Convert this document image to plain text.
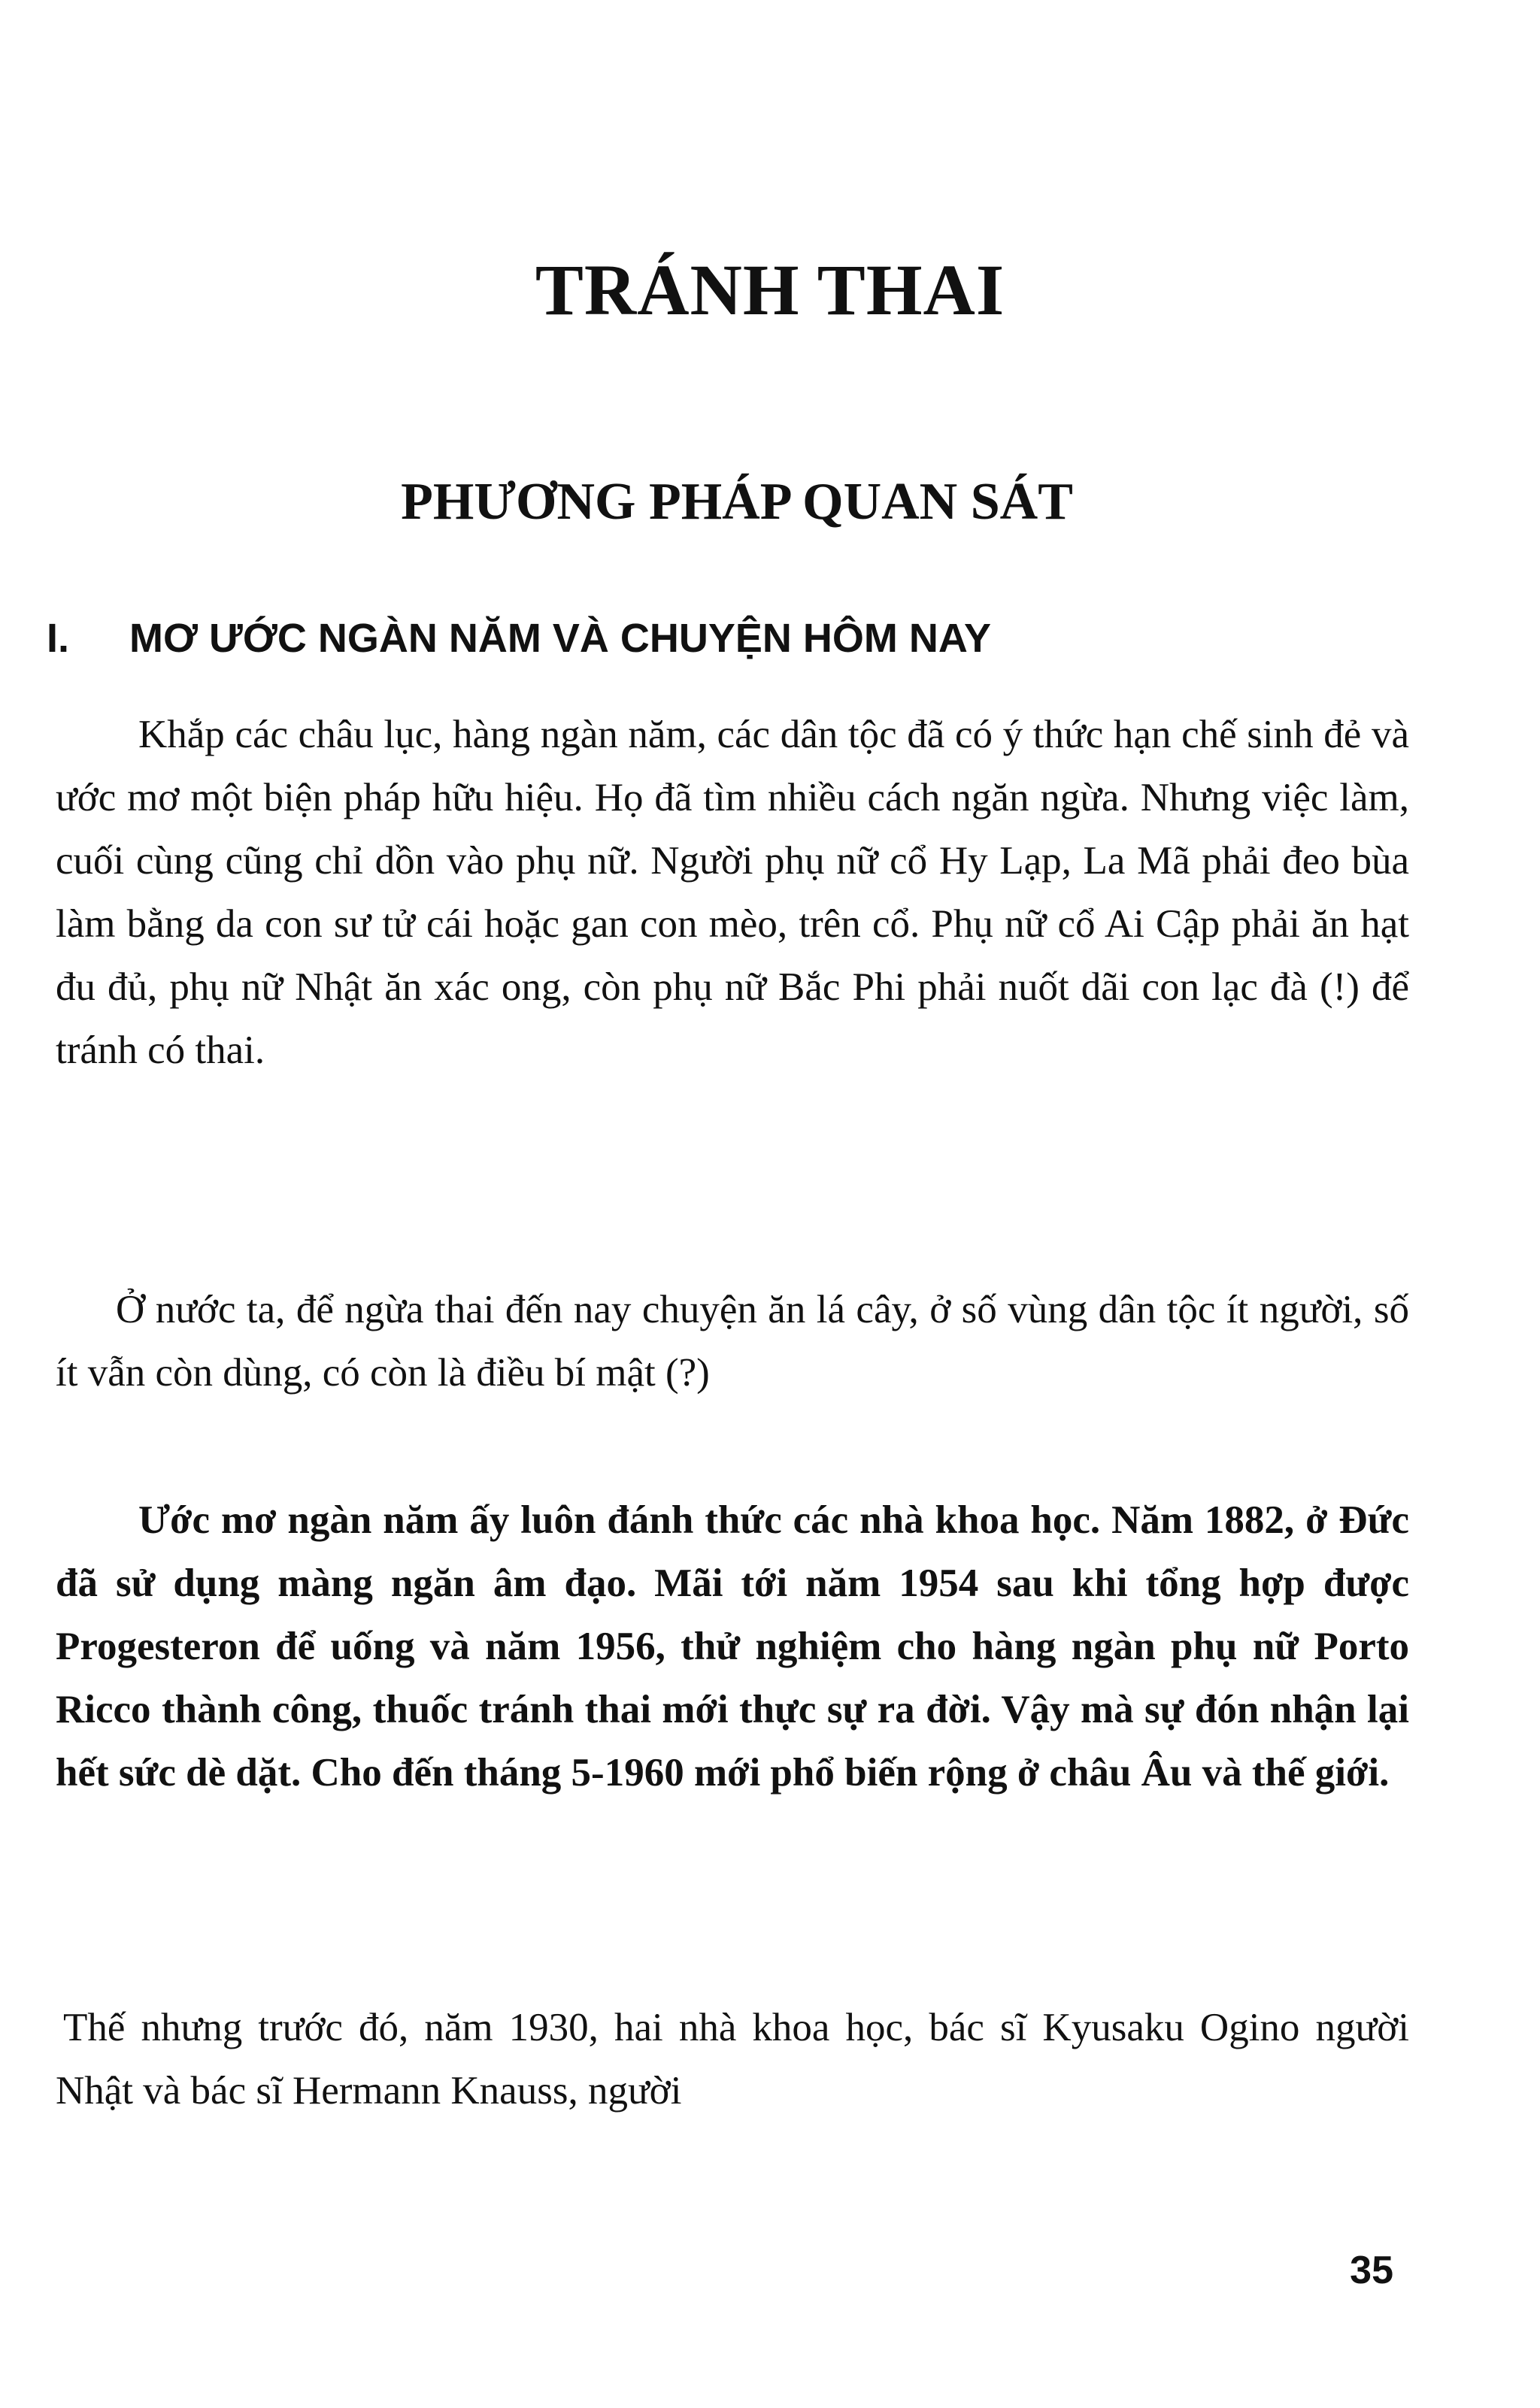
TRÁNH THAI
PHƯƠNG PHÁP QUAN SÁT
I. MƠ ƯỚC NGÀN NĂM VÀ CHUYỆN HÔM NAY

Khắp các châu lục, hàng ngàn năm, các dân tộc đã có ý thức hạn chế sinh đẻ và ước mơ một biện pháp hữu hiệu. Họ đã tìm nhiều cách ngăn ngừa. Nhưng việc làm, cuối cùng cũng chỉ dồn vào phụ nữ. Người phụ nữ cổ Hy Lạp, La Mã phải đeo bùa làm bằng da con sư tử cái hoặc gan con mèo, trên cổ. Phụ nữ cổ Ai Cập phải ăn hạt đu đủ, phụ nữ Nhật ăn xác ong, còn phụ nữ Bắc Phi phải nuốt dãi con lạc đà (!) để tránh có thai.

Ở nước ta, để ngừa thai đến nay chuyện ăn lá cây, ở số vùng dân tộc ít người, số ít vẫn còn dùng, có còn là điều bí mật (?)

Ước mơ ngàn năm ấy luôn đánh thức các nhà khoa học. Năm 1882, ở Đức đã sử dụng màng ngăn âm đạo. Mãi tới năm 1954 sau khi tổng hợp được Progesteron để uống và năm 1956, thử nghiệm cho hàng ngàn phụ nữ Porto Ricco thành công, thuốc tránh thai mới thực sự ra đời. Vậy mà sự đón nhận lại hết sức dè dặt. Cho đến tháng 5-1960 mới phổ biến rộng ở châu Âu và thế giới.

Thế nhưng trước đó, năm 1930, hai nhà khoa học, bác sĩ Kyusaku Ogino người Nhật và bác sĩ Hermann Knauss, người

35
